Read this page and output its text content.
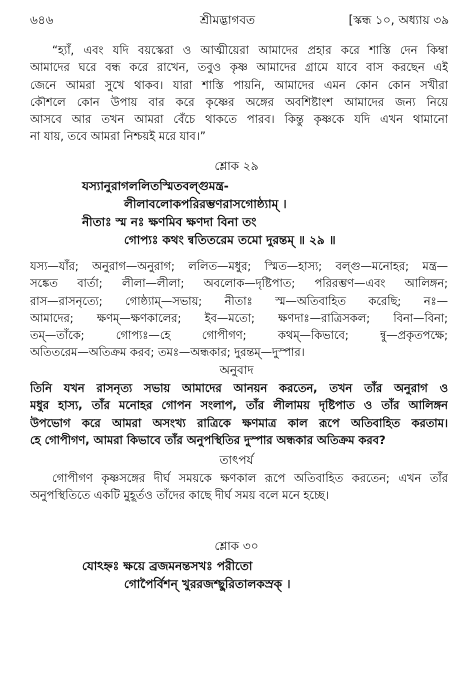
৬৪৬	শ্রীমদ্ভাগবত	[স্কন্ধ ১০, অধ্যায় ৩৯
“হ্যাঁ, এবং যদি বয়স্কেরা ও আত্মীয়েরা আমাদের প্রহার করে শাস্তি দেন কিম্বা
আমাদের ঘরে বন্ধ করে রাখেন, তবুও কৃষ্ণ আমাদের গ্রামে যাবে বাস করছেন এই
জেনে আমরা সুখে থাকব। যারা শাস্তি পায়নি, আমাদের এমন কোন কোন সখীরা
কৌশলে কোন উপায় বার করে কৃষ্ণের অঙ্গের অবশিষ্টাংশ আমাদের জন্য নিয়ে
আসবে আর তখন আমরা বেঁচে থাকতে পারব। কিন্তু কৃষ্ণকে যদি এখন থামানো
না যায়, তবে আমরা নিশ্চয়ই মরে যাব।”
শ্লোক ২৯
যস্যানুরাগললিতস্মিতবল্গুমন্ত্র-
লীলাবলোকপরিরম্ভণরাসগোষ্ঠ্যাম্‌ ।
নীতাঃ স্ম নঃ ক্ষণমিব ক্ষণদা বিনা তং
গোপ্যঃ কথং ন্বতিতরেম তমো দুরন্তম্‌ ॥ ২৯ ॥
যস্য—যাঁর; অনুরাগ—অনুরাগ; ললিত—মধুর; স্মিত—হাস্য; বল্গু—মনোহর; মন্ত্র—
সঙ্কেত বার্তা; লীলা—লীলা; অবলোক—দৃষ্টিপাত; পরিরম্ভণ—এবং আলিঙ্গন;
রাস—রাসনৃত্যে; গোষ্ঠ্যাম্‌—সভায়; নীতাঃ স্ম—অতিবাহিত করেছি; নঃ—
আমাদের; ক্ষণম্‌—ক্ষণকালের; ইব—মতো; ক্ষণদাঃ—রাত্রিসকল; বিনা—বিনা;
তম্‌—তাঁকে; গোপ্যঃ—হে গোপীগণ; কথম্‌—কিভাবে; ন্বু—প্রকৃতপক্ষে;
অতিতরেম—অতিক্রম করব; তমঃ—অন্ধকার; দুরন্তম্‌—দুস্পার।
অনুবাদ
তিনি যখন রাসনৃত্য সভায় আমাদের আনয়ন করতেন, তখন তাঁর অনুরাগ ও
মধুর হাস্য, তাঁর মনোহর গোপন সংলাপ, তাঁর লীলাময় দৃষ্টিপাত ও তাঁর আলিঙ্গন
উপভোগ করে আমরা অসংখ্য রাত্রিকে ক্ষণমাত্র কাল রূপে অতিবাহিত করতাম।
হে গোপীগণ, আমরা কিভাবে তাঁর অনুপস্থিতির দুস্পার অন্ধকার অতিক্রম করব?
তাৎপর্য
গোপীগণ কৃষ্ণসঙ্গের দীর্ঘ সময়কে ক্ষণকাল রূপে অতিবাহিত করতেন; এখন তাঁর
অনুপস্থিতিতে একটি মুহূর্তও তাঁদের কাছে দীর্ঘ সময় বলে মনে হচ্ছে।
শ্লোক ৩০
যোঽহ্নঃ ক্ষয়ে ব্রজমনন্তসখঃ পরীতো
গোপৈর্বিশন্‌ খুররজশ্ছুরিতালকস্রক্‌ ।
